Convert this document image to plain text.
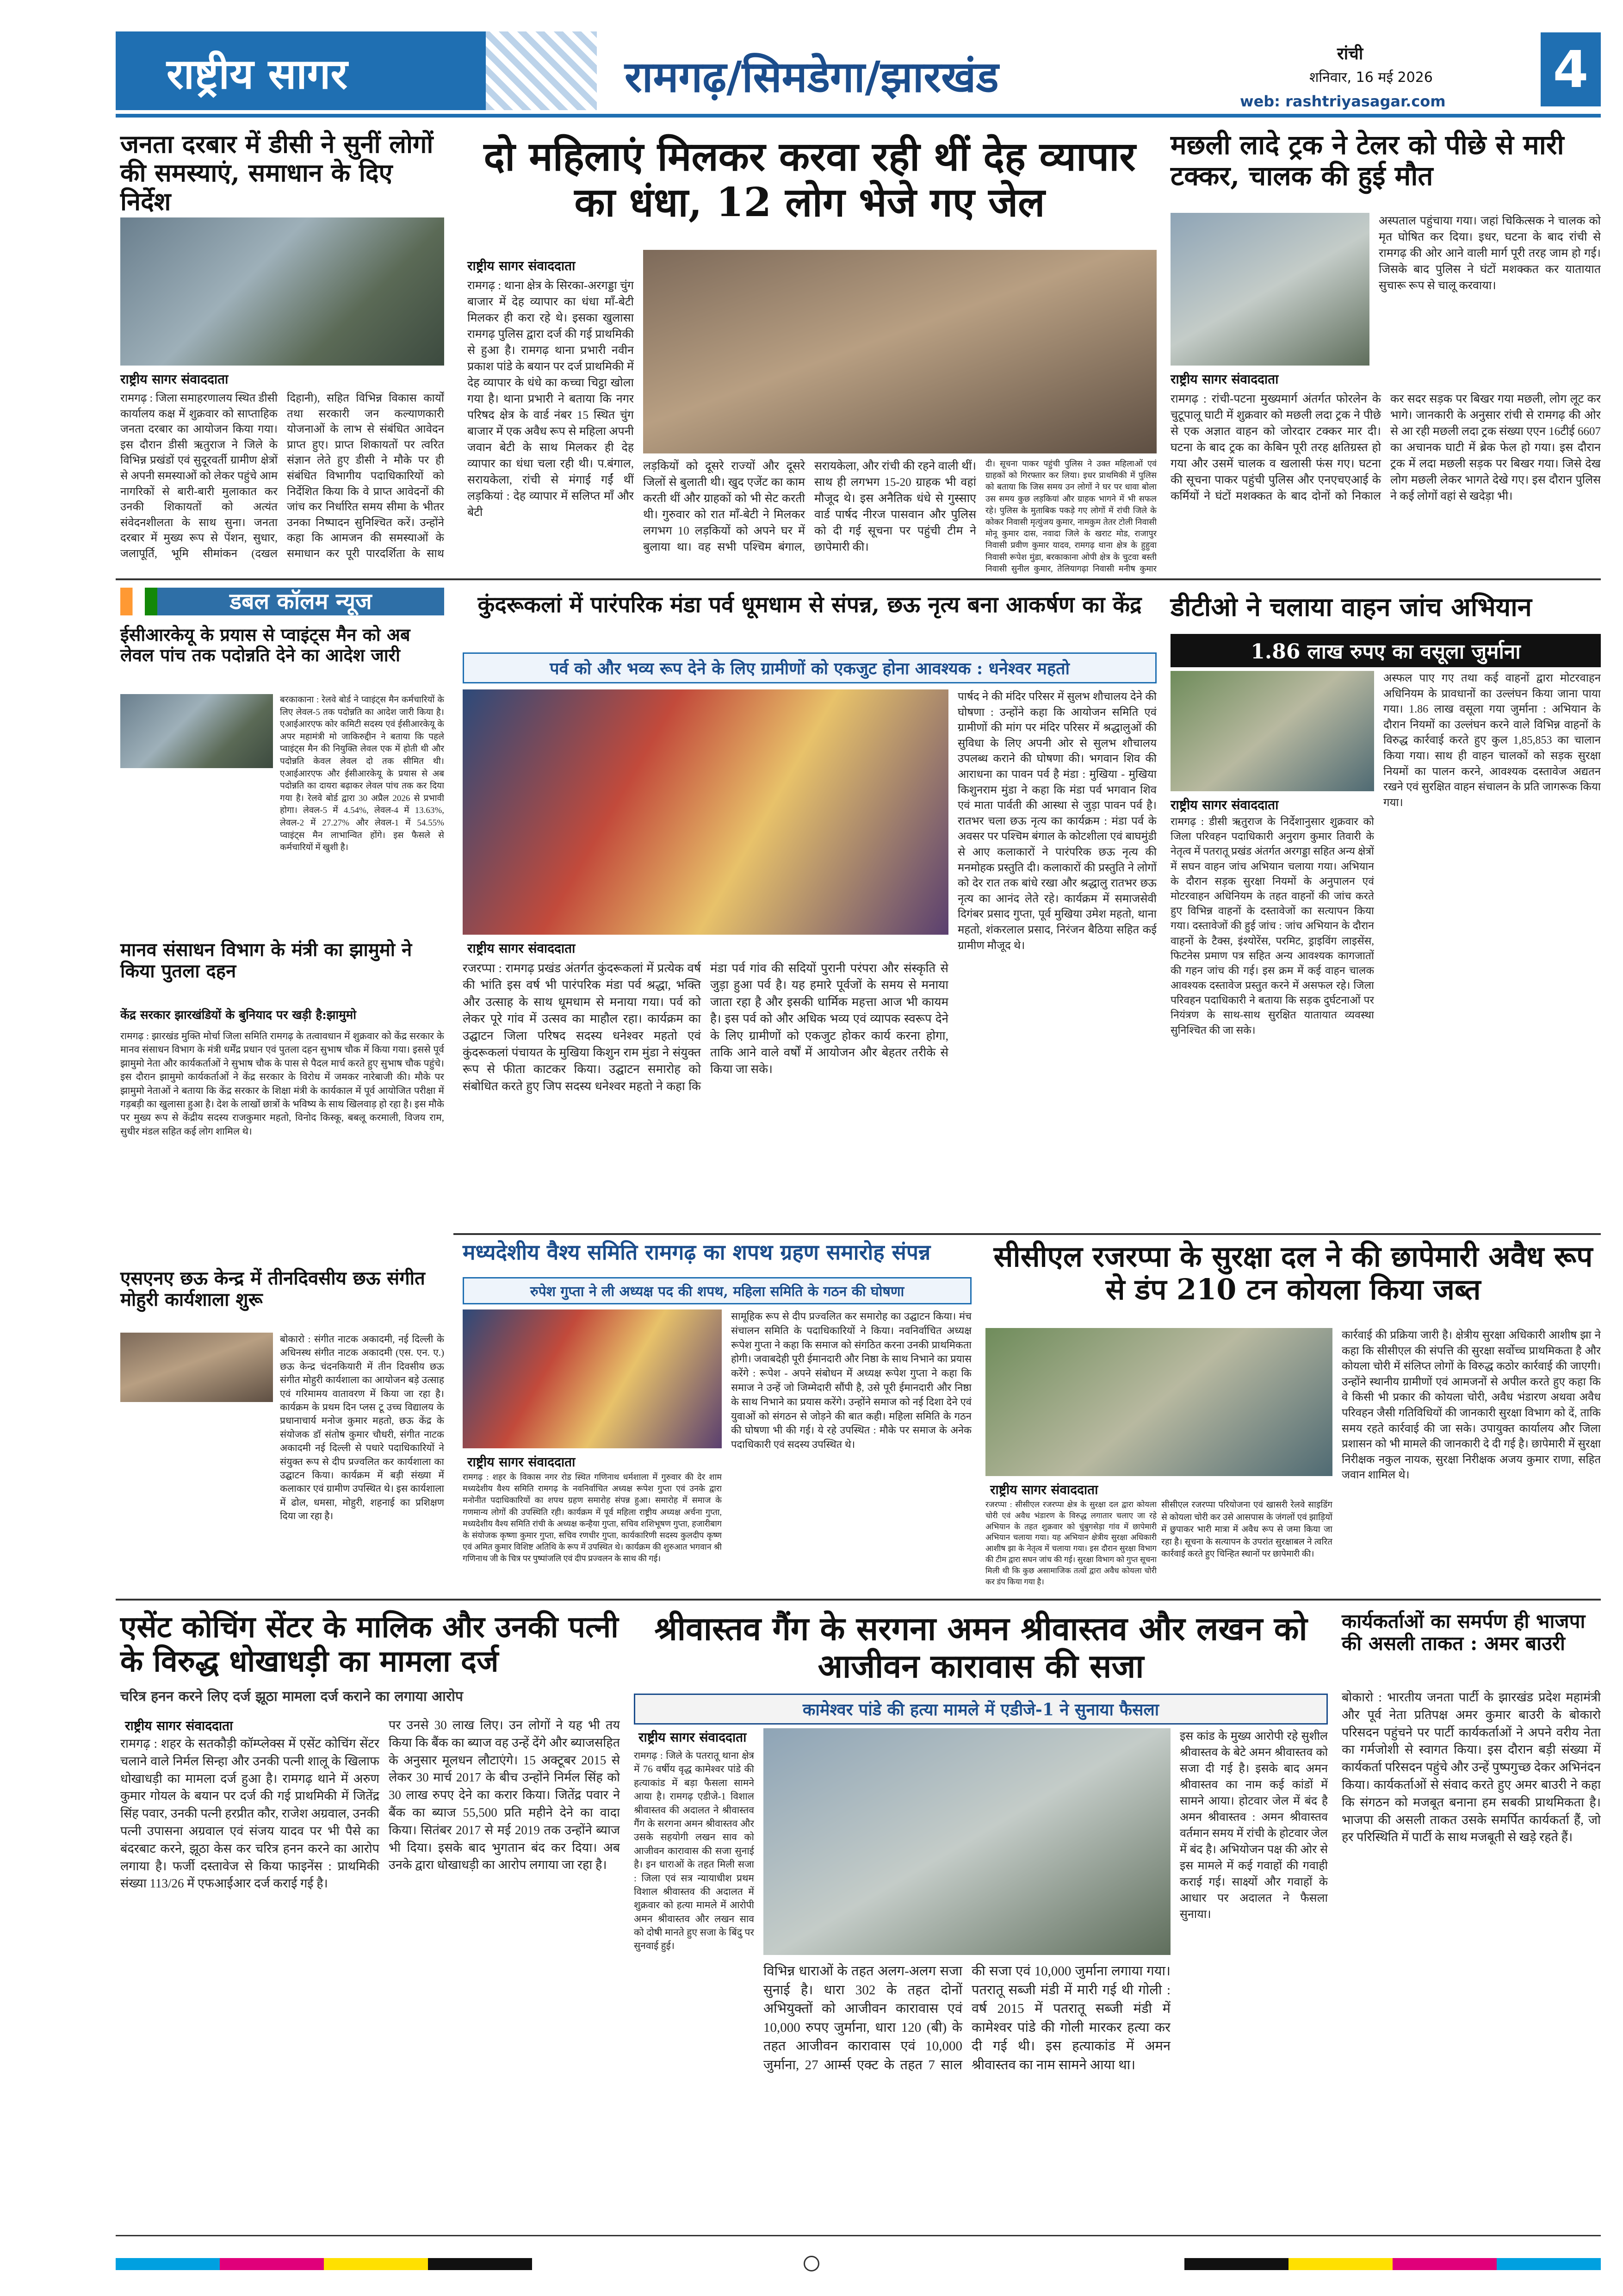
राष्ट्रीय सागर	रामगढ़/सिमडेगा/झारखंड	रांची
शनिवार, 16 मई 2026 4
web: rashtriyasagar.com
जनता दरबार में डीसी ने सुनीं लोगों की समस्याएं, समाधान के दिए निर्देश
राष्ट्रीय सागर संवाददाता
रामगढ़ : जिला समाहरणालय स्थित डीसी कार्यालय कक्ष में शुक्रवार को साप्ताहिक जनता दरबार का आयोजन किया गया। इस दौरान डीसी ऋतुराज ने जिले के विभिन्न प्रखंडों एवं सुदूरवर्ती ग्रामीण क्षेत्रों से अपनी समस्याओं को लेकर पहुंचे आम नागरिकों से बारी-बारी मुलाकात कर उनकी शिकायतों को अत्यंत संवेदनशीलता के साथ सुना। जनता दरबार में मुख्य रूप से पेंशन, सुधार, जलापूर्ति, भूमि सीमांकन (दखल दिहानी), सहित विभिन्न विकास कार्यों तथा सरकारी जन कल्याणकारी योजनाओं के लाभ से संबंधित आवेदन प्राप्त हुए। प्राप्त शिकायतों पर त्वरित संज्ञान लेते हुए डीसी ने मौके पर ही संबंधित विभागीय पदाधिकारियों को निर्देशित किया कि वे प्राप्त आवेदनों की जांच कर निर्धारित समय सीमा के भीतर उनका निष्पादन सुनिश्चित करें। उन्होंने कहा कि आमजन की समस्याओं के समाधान कर पूरी पारदर्शिता के साथ
दो महिलाएं मिलकर करवा रही थीं देह व्यापार का धंधा, 12 लोग भेजे गए जेल
राष्ट्रीय सागर संवाददाता
रामगढ़ : थाना क्षेत्र के सिरका-अरगड्डा चुंग बाजार में देह व्यापार का धंधा माँ-बेटी मिलकर ही करा रहे थे। इसका खुलासा रामगढ़ पुलिस द्वारा दर्ज की गई प्राथमिकी से हुआ है। रामगढ़ थाना प्रभारी नवीन प्रकाश पांडे के बयान पर दर्ज प्राथमिकी में देह व्यापार के धंधे का कच्चा चिट्ठा खोला गया है। थाना प्रभारी ने बताया कि नगर परिषद क्षेत्र के वार्ड नंबर 15 स्थित चुंग बाजार में एक अवैध रूप से महिला अपनी जवान बेटी के साथ मिलकर ही देह व्यापार का धंधा चला रही थी। प.बंगाल, सरायकेला, रांची से मंगाई गईं थीं लड़कियां : देह व्यापार में सलिप्त माँ और बेटी
लड़कियों को दूसरे राज्यों और दूसरे जिलों से बुलाती थी। खुद एजेंट का काम करती थीं और ग्राहकों को भी सेट करती थी। गुरुवार को रात माँ-बेटी ने मिलकर लगभग 10 लड़कियों को अपने घर में बुलाया था। वह सभी पश्चिम बंगाल, सरायकेला, और रांची की रहने वाली थीं। साथ ही लगभग 15-20 ग्राहक भी वहां मौजूद थे। इस अनैतिक धंधे से गुस्साए वार्ड पार्षद नीरज पासवान और पुलिस को दी गई सूचना पर पहुंची टीम ने छापेमारी की।
दी। सूचना पाकर पहुंची पुलिस ने उक्त महिलाओं एवं ग्राहकों को गिरफ्तार कर लिया। इधर प्राथमिकी में पुलिस को बताया कि जिस समय उन लोगों ने घर पर धावा बोला उस समय कुछ लड़कियां और ग्राहक भागने में भी सफल रहे। पुलिस के मुताबिक पकड़े गए लोगों में रांची जिले के कोकर निवासी मृत्युंजय कुमार, नामकुम तेतर टोली निवासी मोनू कुमार दास, नवादा जिले के खराट मोड, राजापुर निवासी प्रवीण कुमार यादव, रामगढ़ थाना क्षेत्र के हुहुवा निवासी रूपेश मुंडा, बरकाकाना ओपी क्षेत्र के चुटवा बस्ती निवासी सुनील कुमार, तेलियागढ़ा निवासी मनीष कुमार
मछली लादे ट्रक ने टेलर को पीछे से मारी टक्कर, चालक की हुई मौत
अस्पताल पहुंचाया गया। जहां चिकित्सक ने चालक को मृत घोषित कर दिया। इधर, घटना के बाद रांची से रामगढ़ की ओर आने वाली मार्ग पूरी तरह जाम हो गई। जिसके बाद पुलिस ने घंटों मशक्कत कर यातायात सुचारू रूप से चालू करवाया।
राष्ट्रीय सागर संवाददाता
रामगढ़ : रांची-पटना मुख्यमार्ग अंतर्गत फोरलेन के चुटूपालू घाटी में शुक्रवार को मछली लदा ट्रक ने पीछे से एक अज्ञात वाहन को जोरदार टक्कर मार दी। घटना के बाद ट्रक का केबिन पूरी तरह क्षतिग्रस्त हो गया और उसमें चालक व खलासी फंस गए। घटना की सूचना पाकर पहुंची पुलिस और एनएचएआई के कर्मियों ने घंटों मशक्कत के बाद दोनों को निकाल कर सदर सड़क पर बिखर गया मछली, लोग लूट कर भागे। जानकारी के अनुसार रांची से रामगढ़ की ओर से आ रही मछली लदा ट्रक संख्या एएन 16टीई 6607 का अचानक घाटी में ब्रेक फेल हो गया। इस दौरान ट्रक में लदा मछली सड़क पर बिखर गया। जिसे देख लोग मछली लेकर भागते देखे गए। इस दौरान पुलिस ने कई लोगों वहां से खदेड़ा भी।
डबल कॉलम न्यूज
ईसीआरकेयू के प्रयास से प्वाइंट्स मैन को अब लेवल पांच तक पदोन्नति देने का आदेश जारी
बरकाकाना : रेलवे बोर्ड ने प्वाइंट्स मैन कर्मचारियों के लिए लेवल-5 तक पदोन्नति का आदेश जारी किया है। एआईआरएफ कोर कमिटी सदस्य एवं ईसीआरकेयू के अपर महामंत्री मो जाकिरुद्दीन ने बताया कि पहले प्वाइंट्स मैन की नियुक्ति लेवल एक में होती थी और पदोन्नति केवल लेवल दो तक सीमित थी। एआईआरएफ और ईसीआरकेयू के प्रयास से अब पदोन्नति का दायरा बढ़ाकर लेवल पांच तक कर दिया गया है। रेलवे बोर्ड द्वारा 30 अप्रैल 2026 से प्रभावी होगा। लेवल-5 में 4.54%, लेवल-4 में 13.63%, लेवल-2 में 27.27% और लेवल-1 में 54.55% प्वाइंट्स मैन लाभान्वित होंगे। इस फैसले से कर्मचारियों में खुशी है।
मानव संसाधन विभाग के मंत्री का झामुमो ने किया पुतला दहन
केंद्र सरकार झारखंडियों के बुनियाद पर खड़ी है:झामुमो
रामगढ़ : झारखंड मुक्ति मोर्चा जिला समिति रामगढ़ के तत्वावधान में शुक्रवार को केंद्र सरकार के मानव संसाधन विभाग के मंत्री धर्मेंद्र प्रधान एवं पुतला दहन सुभाष चौक में किया गया। इससे पूर्व झामुमो नेता और कार्यकर्ताओं ने सुभाष चौक के पास से पैदल मार्च करते हुए सुभाष चौक पहुंचे। इस दौरान झामुमो कार्यकर्ताओं ने केंद्र सरकार के विरोध में जमकर नारेबाजी की। मौके पर झामुमो नेताओं ने बताया कि केंद्र सरकार के शिक्षा मंत्री के कार्यकाल में पूर्व आयोजित परीक्षा में गड़बड़ी का खुलासा हुआ है। देश के लाखों छात्रों के भविष्य के साथ खिलवाड़ हो रहा है। इस मौके पर मुख्य रूप से केंद्रीय सदस्य राजकुमार महतो, विनोद किस्कू, बबलू करमाली, विजय राम, सुधीर मंडल सहित कई लोग शामिल थे।
एसएनए छऊ केन्द्र में तीनदिवसीय छऊ संगीत मोहुरी कार्यशाला शुरू
बोकारो : संगीत नाटक अकादमी, नई दिल्ली के अधिनस्थ संगीत नाटक अकादमी (एस. एन. ए.) छऊ केन्द्र चंदनकियारी में तीन दिवसीय छऊ संगीत मोहुरी कार्यशाला का आयोजन बड़े उत्साह एवं गरिमामय वातावरण में किया जा रहा है। कार्यक्रम के प्रथम दिन प्लस टू उच्च विद्यालय के प्रधानाचार्य मनोज कुमार महतो, छऊ केंद्र के संयोजक डॉ संतोष कुमार चौधरी, संगीत नाटक अकादमी नई दिल्ली से पधारे पदाधिकारियों ने संयुक्त रूप से दीप प्रज्वलित कर कार्यशाला का उद्घाटन किया। कार्यक्रम में बड़ी संख्या में कलाकार एवं ग्रामीण उपस्थित थे। इस कार्यशाला में ढोल, धमसा, मोहुरी, शहनाई का प्रशिक्षण दिया जा रहा है।
कुंदरूकलां में पारंपरिक मंडा पर्व धूमधाम से संपन्न, छऊ नृत्य बना आकर्षण का केंद्र
पर्व को और भव्य रूप देने के लिए ग्रामीणों को एकजुट होना आवश्यक : धनेश्वर महतो
पार्षद ने की मंदिर परिसर में सुलभ शौचालय देने की घोषणा : उन्होंने कहा कि आयोजन समिति एवं ग्रामीणों की मांग पर मंदिर परिसर में श्रद्धालुओं की सुविधा के लिए अपनी ओर से सुलभ शौचालय उपलब्ध कराने की घोषणा की। भगवान शिव की आराधना का पावन पर्व है मंडा : मुखिया - मुखिया किशुनराम मुंडा ने कहा कि मंडा पर्व भगवान शिव एवं माता पार्वती की आस्था से जुड़ा पावन पर्व है। रातभर चला छऊ नृत्य का कार्यक्रम : मंडा पर्व के अवसर पर पश्चिम बंगाल के कोटशीला एवं बाघमुंडी से आए कलाकारों ने पारंपरिक छऊ नृत्य की मनमोहक प्रस्तुति दी। कलाकारों की प्रस्तुति ने लोगों को देर रात तक बांधे रखा और श्रद्धालु रातभर छऊ नृत्य का आनंद लेते रहे। कार्यक्रम में समाजसेवी दिगंबर प्रसाद गुप्ता, पूर्व मुखिया उमेश महतो, थाना महतो, शंकरलाल प्रसाद, निरंजन बैठिया सहित कई ग्रामीण मौजूद थे।
राष्ट्रीय सागर संवाददाता
रजरप्पा : रामगढ़ प्रखंड अंतर्गत कुंदरूकलां में प्रत्येक वर्ष की भांति इस वर्ष भी पारंपरिक मंडा पर्व श्रद्धा, भक्ति और उत्साह के साथ धूमधाम से मनाया गया। पर्व को लेकर पूरे गांव में उत्सव का माहौल रहा। कार्यक्रम का उद्घाटन जिला परिषद सदस्य धनेश्वर महतो एवं कुंदरूकलां पंचायत के मुखिया किशुन राम मुंडा ने संयुक्त रूप से फीता काटकर किया। उद्घाटन समारोह को संबोधित करते हुए जिप सदस्य धनेश्वर महतो ने कहा कि मंडा पर्व गांव की सदियों पुरानी परंपरा और संस्कृति से जुड़ा हुआ पर्व है। यह हमारे पूर्वजों के समय से मनाया जाता रहा है और इसकी धार्मिक महत्ता आज भी कायम है। इस पर्व को और अधिक भव्य एवं व्यापक स्वरूप देने के लिए ग्रामीणों को एकजुट होकर कार्य करना होगा, ताकि आने वाले वर्षों में आयोजन और बेहतर तरीके से किया जा सके।
डीटीओ ने चलाया वाहन जांच अभियान
1.86 लाख रुपए का वसूला जुर्माना
अस्फल पाए गए तथा कई वाहनों द्वारा मोटरवाहन अधिनियम के प्रावधानों का उल्लंघन किया जाना पाया गया। 1.86 लाख वसूला गया जुर्माना : अभियान के दौरान नियमों का उल्लंघन करने वाले विभिन्न वाहनों के विरुद्ध कार्रवाई करते हुए कुल 1,85,853 का चालान किया गया। साथ ही वाहन चालकों को सड़क सुरक्षा नियमों का पालन करने, आवश्यक दस्तावेज अद्यतन रखने एवं सुरक्षित वाहन संचालन के प्रति जागरूक किया गया।
राष्ट्रीय सागर संवाददाता
रामगढ़ : डीसी ऋतुराज के निर्देशानुसार शुक्रवार को जिला परिवहन पदाधिकारी अनुराग कुमार तिवारी के नेतृत्व में पतरातू प्रखंड अंतर्गत अरगड्डा सहित अन्य क्षेत्रों में सघन वाहन जांच अभियान चलाया गया। अभियान के दौरान सड़क सुरक्षा नियमों के अनुपालन एवं मोटरवाहन अधिनियम के तहत वाहनों की जांच करते हुए विभिन्न वाहनों के दस्तावेजों का सत्यापन किया गया। दस्तावेजों की हुई जांच : जांच अभियान के दौरान वाहनों के टैक्स, इंश्योरेंस, परमिट, ड्राइविंग लाइसेंस, फिटनेस प्रमाण पत्र सहित अन्य आवश्यक कागजातों की गहन जांच की गई। इस क्रम में कई वाहन चालक आवश्यक दस्तावेज प्रस्तुत करने में असफल रहे। जिला परिवहन पदाधिकारी ने बताया कि सड़क दुर्घटनाओं पर नियंत्रण के साथ-साथ सुरक्षित यातायात व्यवस्था सुनिश्चित की जा सके।
मध्यदेशीय वैश्य समिति रामगढ़ का शपथ ग्रहण समारोह संपन्न
रुपेश गुप्ता ने ली अध्यक्ष पद की शपथ, महिला समिति के गठन की घोषणा
सामूहिक रूप से दीप प्रज्वलित कर समारोह का उद्घाटन किया। मंच संचालन समिति के पदाधिकारियों ने किया। नवनिर्वाचित अध्यक्ष रूपेश गुप्ता ने कहा कि समाज को संगठित करना उनकी प्राथमिकता होगी। जवाबदेही पूरी ईमानदारी और निष्ठा के साथ निभाने का प्रयास करेंगे : रूपेश - अपने संबोधन में अध्यक्ष रूपेश गुप्ता ने कहा कि समाज ने उन्हें जो जिम्मेदारी सौंपी है, उसे पूरी ईमानदारी और निष्ठा के साथ निभाने का प्रयास करेंगे। उन्होंने समाज को नई दिशा देने एवं युवाओं को संगठन से जोड़ने की बात कही। महिला समिति के गठन की घोषणा भी की गई। ये रहे उपस्थित : मौके पर समाज के अनेक पदाधिकारी एवं सदस्य उपस्थित थे।
राष्ट्रीय सागर संवाददाता
रामगढ़ : शहर के विकास नगर रोड स्थित गणिनाथ धर्मशाला में गुरुवार की देर शाम मध्यदेशीय वैश्य समिति रामगढ़ के नवनिर्वाचित अध्यक्ष रूपेश गुप्ता एवं उनके द्वारा मनोनीत पदाधिकारियों का शपथ ग्रहण समारोह संपन्न हुआ। समारोह में समाज के गणमान्य लोगों की उपस्थिति रही। कार्यक्रम में पूर्व महिला राष्ट्रीय अध्यक्ष अर्चना गुप्ता, मध्यदेशीय वैश्य समिति रांची के अध्यक्ष कन्हैया गुप्ता, सचिव शशिभूषण गुप्ता, हजारीबाग के संयोजक कृष्णा कुमार गुप्ता, सचिव रणधीर गुप्ता, कार्यकारिणी सदस्य कुलदीप कृष्ण एवं अमित कुमार विशिष्ट अतिथि के रूप में उपस्थित थे। कार्यक्रम की शुरुआत भगवान श्री गणिनाथ जी के चित्र पर पुष्पांजलि एवं दीप प्रज्वलन के साथ की गई।
सीसीएल रजरप्पा के सुरक्षा दल ने की छापेमारी अवैध रूप से डंप 210 टन कोयला किया जब्त
कार्रवाई की प्रक्रिया जारी है। क्षेत्रीय सुरक्षा अधिकारी आशीष झा ने कहा कि सीसीएल की संपत्ति की सुरक्षा सर्वोच्च प्राथमिकता है और कोयला चोरी में संलिप्त लोगों के विरुद्ध कठोर कार्रवाई की जाएगी। उन्होंने स्थानीय ग्रामीणों एवं आमजनों से अपील करते हुए कहा कि वे किसी भी प्रकार की कोयला चोरी, अवैध भंडारण अथवा अवैध परिवहन जैसी गतिविधियों की जानकारी सुरक्षा विभाग को दें, ताकि समय रहते कार्रवाई की जा सके। उपायुक्त कार्यालय और जिला प्रशासन को भी मामले की जानकारी दे दी गई है। छापेमारी में सुरक्षा निरीक्षक नकुल नायक, सुरक्षा निरीक्षक अजय कुमार राणा, सहित जवान शामिल थे।
राष्ट्रीय सागर संवाददाता
रजरप्पा : सीसीएल रजरप्पा क्षेत्र के सुरक्षा दल द्वारा कोयला चोरी एवं अवैध भंडारण के विरुद्ध लगातार चलाए जा रहे अभियान के तहत शुक्रवार को चुंबुगसेड़ा गांव में छापेमारी अभियान चलाया गया। यह अभियान क्षेत्रीय सुरक्षा अधिकारी आशीष झा के नेतृत्व में चलाया गया। इस दौरान सुरक्षा विभाग की टीम द्वारा सघन जांच की गई। सुरक्षा विभाग को गुप्त सूचना मिली थी कि कुछ असामाजिक तत्वों द्वारा अवैध कोयला चोरी कर डंप किया गया है।
सीसीएल रजरप्पा परियोजना एवं खासरी रेलवे साइडिंग से कोयला चोरी कर उसे आसपास के जंगलों एवं झाड़ियों में छुपाकर भारी मात्रा में अवैध रूप से जमा किया जा रहा है। सूचना के सत्यापन के उपरांत सुरक्षाबल ने त्वरित कार्रवाई करते हुए चिन्हित स्थानों पर छापेमारी की।
एसेंट कोचिंग सेंटर के मालिक और उनकी पत्नी के विरुद्ध धोखाधड़ी का मामला दर्ज
चरित्र हनन करने लिए दर्ज झूठा मामला दर्ज कराने का लगाया आरोप
राष्ट्रीय सागर संवाददाता
रामगढ़ : शहर के सतकौड़ी कॉम्प्लेक्स में एसेंट कोचिंग सेंटर चलाने वाले निर्मल सिन्हा और उनकी पत्नी शालू के खिलाफ धोखाधड़ी का मामला दर्ज हुआ है। रामगढ़ थाने में अरुण कुमार गोयल के बयान पर दर्ज की गई प्राथमिकी में जितेंद्र सिंह पवार, उनकी पत्नी हरप्रीत कौर, राजेश अग्रवाल, उनकी पत्नी उपासना अग्रवाल एवं संजय यादव पर भी पैसे का बंदरबाट करने, झूठा केस कर चरित्र हनन करने का आरोप लगाया है। फर्जी दस्तावेज से किया फाइनेंस : प्राथमिकी संख्या 113/26 में एफआईआर दर्ज कराई गई है।
पर उनसे 30 लाख लिए। उन लोगों ने यह भी तय किया कि बैंक का ब्याज वह उन्हें देंगे और ब्याजसहित के अनुसार मूलधन लौटाएंगे। 15 अक्टूबर 2015 से लेकर 30 मार्च 2017 के बीच उन्होंने निर्मल सिंह को 30 लाख रुपए देने का करार किया। जितेंद्र पवार ने बैंक का ब्याज 55,500 प्रति महीने देने का वादा किया। सितंबर 2017 से मई 2019 तक उन्होंने ब्याज भी दिया। इसके बाद भुगतान बंद कर दिया। अब उनके द्वारा धोखाधड़ी का आरोप लगाया जा रहा है।
श्रीवास्तव गैंग के सरगना अमन श्रीवास्तव और लखन को आजीवन कारावास की सजा
कामेश्वर पांडे की हत्या मामले में एडीजे-1 ने सुनाया फैसला
राष्ट्रीय सागर संवाददाता
रामगढ़ : जिले के पतरातू थाना क्षेत्र में 76 वर्षीय वृद्ध कामेश्वर पांडे की हत्याकांड में बड़ा फैसला सामने आया है। रामगढ़ एडीजे-1 विशाल श्रीवास्तव की अदालत ने श्रीवास्तव गैंग के सरगना अमन श्रीवास्तव और उसके सहयोगी लखन साव को आजीवन कारावास की सजा सुनाई है। इन धाराओं के तहत मिली सजा : जिला एवं सत्र न्यायाधीश प्रथम विशाल श्रीवास्तव की अदालत में शुक्रवार को हत्या मामले में आरोपी अमन श्रीवास्तव और लखन साव को दोषी मानते हुए सजा के बिंदु पर सुनवाई हुई।
विभिन्न धाराओं के तहत अलग-अलग सजा सुनाई है। धारा 302 के तहत दोनों अभियुक्तों को आजीवन कारावास एवं 10,000 रुपए जुर्माना, धारा 120 (बी) के तहत आजीवन कारावास एवं 10,000 जुर्माना, 27 आर्म्स एक्ट के तहत 7 साल की सजा एवं 10,000 जुर्माना लगाया गया। पतरातू सब्जी मंडी में मारी गई थी गोली : वर्ष 2015 में पतरातू सब्जी मंडी में कामेश्वर पांडे की गोली मारकर हत्या कर दी गई थी। इस हत्याकांड में अमन श्रीवास्तव का नाम सामने आया था।
इस कांड के मुख्य आरोपी रहे सुशील श्रीवास्तव के बेटे अमन श्रीवास्तव को सजा दी गई है। इसके बाद अमन श्रीवास्तव का नाम कई कांडों में सामने आया। होटवार जेल में बंद है अमन श्रीवास्तव : अमन श्रीवास्तव वर्तमान समय में रांची के होटवार जेल में बंद है। अभियोजन पक्ष की ओर से इस मामले में कई गवाहों की गवाही कराई गई। साक्ष्यों और गवाहों के आधार पर अदालत ने फैसला सुनाया।
कार्यकर्ताओं का समर्पण ही भाजपा की असली ताकत : अमर बाउरी
बोकारो : भारतीय जनता पार्टी के झारखंड प्रदेश महामंत्री और पूर्व नेता प्रतिपक्ष अमर कुमार बाउरी के बोकारो परिसदन पहुंचने पर पार्टी कार्यकर्ताओं ने अपने वरीय नेता का गर्मजोशी से स्वागत किया। इस दौरान बड़ी संख्या में कार्यकर्ता परिसदन पहुंचे और उन्हें पुष्पगुच्छ देकर अभिनंदन किया। कार्यकर्ताओं से संवाद करते हुए अमर बाउरी ने कहा कि संगठन को मजबूत बनाना हम सबकी प्राथमिकता है। भाजपा की असली ताकत उसके समर्पित कार्यकर्ता हैं, जो हर परिस्थिति में पार्टी के साथ मजबूती से खड़े रहते हैं।
